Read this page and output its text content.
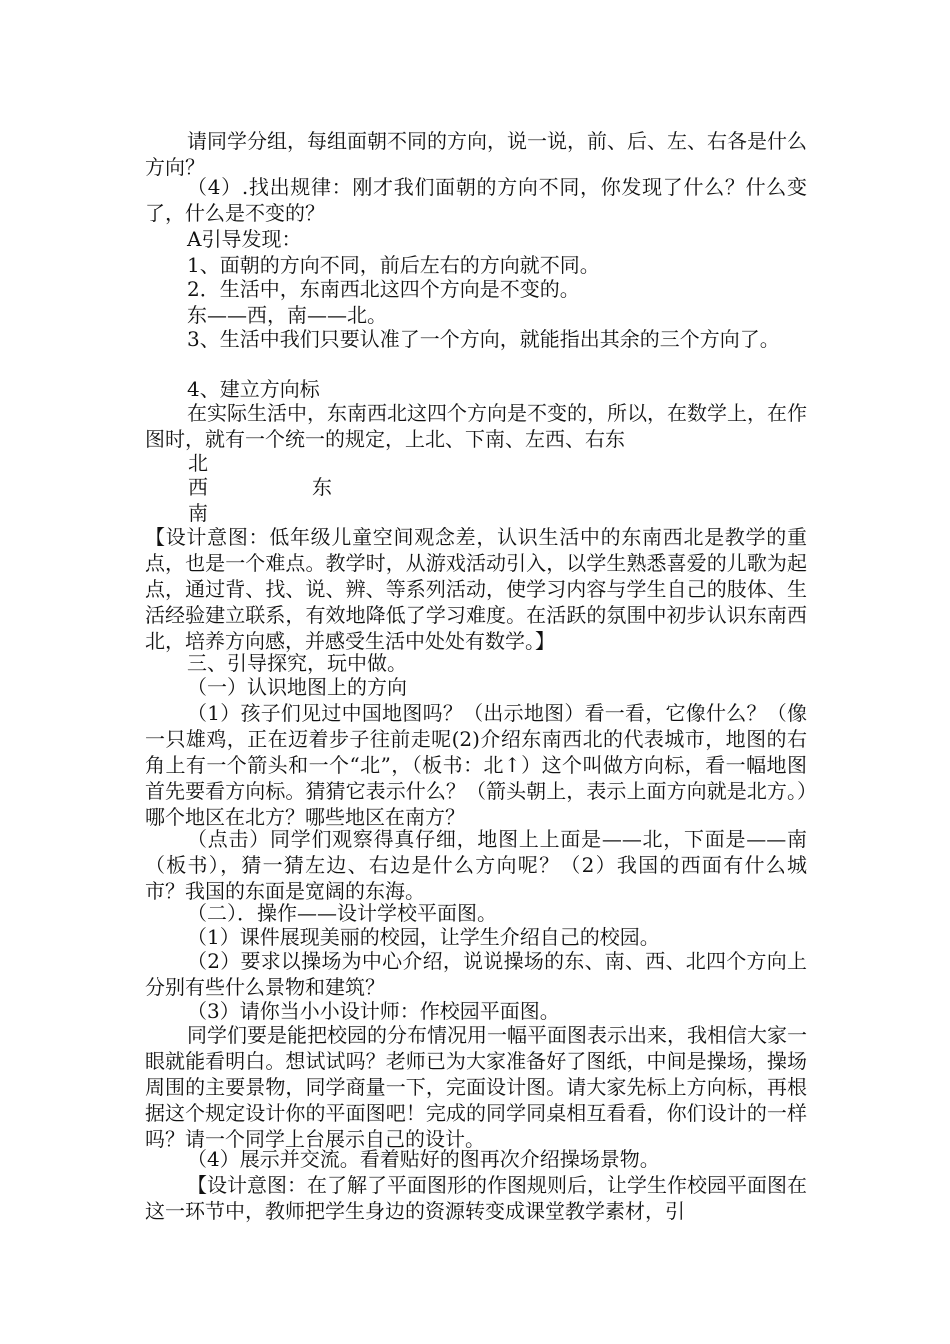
请同学分组，每组面朝不同的方向，说一说，前、后、左、右各是什么方向？
（4）.找出规律：刚才我们面朝的方向不同，你发现了什么？什么变了，什么是不变的？
A引导发现：
1、面朝的方向不同，前后左右的方向就不同。
2．生活中，东南西北这四个方向是不变的。
东——西，南——北。
3、生活中我们只要认准了一个方向，就能指出其余的三个方向了。
4、建立方向标
在实际生活中，东南西北这四个方向是不变的，所以，在数学上，在作图时，就有一个统一的规定，上北、下南、左西、右东
北
西	东
南
【设计意图：低年级儿童空间观念差，认识生活中的东南西北是教学的重点，也是一个难点。教学时，从游戏活动引入，以学生熟悉喜爱的儿歌为起点，通过背、找、说、辨、等系列活动，使学习内容与学生自己的肢体、生活经验建立联系，有效地降低了学习难度。在活跃的氛围中初步认识东南西北，培养方向感，并感受生活中处处有数学。】
三、引导探究，玩中做。
（一）认识地图上的方向
（1）孩子们见过中国地图吗？（出示地图）看一看，它像什么？（像一只雄鸡，正在迈着步子往前走呢(2)介绍东南西北的代表城市，地图的右角上有一个箭头和一个“北”，（板书：北↑）这个叫做方向标，看一幅地图首先要看方向标。猜猜它表示什么？（箭头朝上，表示上面方向就是北方。）哪个地区在北方？哪些地区在南方？
（点击）同学们观察得真仔细，地图上上面是——北，下面是——南（板书），猜一猜左边、右边是什么方向呢？（2）我国的西面有什么城市？我国的东面是宽阔的东海。
（二）．操作——设计学校平面图。
（1）课件展现美丽的校园，让学生介绍自己的校园。
（2）要求以操场为中心介绍，说说操场的东、南、西、北四个方向上分别有些什么景物和建筑？
（3）请你当小小设计师：作校园平面图。
同学们要是能把校园的分布情况用一幅平面图表示出来，我相信大家一眼就能看明白。想试试吗？老师已为大家准备好了图纸，中间是操场，操场周围的主要景物，同学商量一下，完面设计图。请大家先标上方向标，再根据这个规定设计你的平面图吧！完成的同学同桌相互看看，你们设计的一样吗？请一个同学上台展示自己的设计。
（4）展示并交流。看着贴好的图再次介绍操场景物。
【设计意图：在了解了平面图形的作图规则后，让学生作校园平面图在这一环节中，教师把学生身边的资源转变成课堂教学素材，引
